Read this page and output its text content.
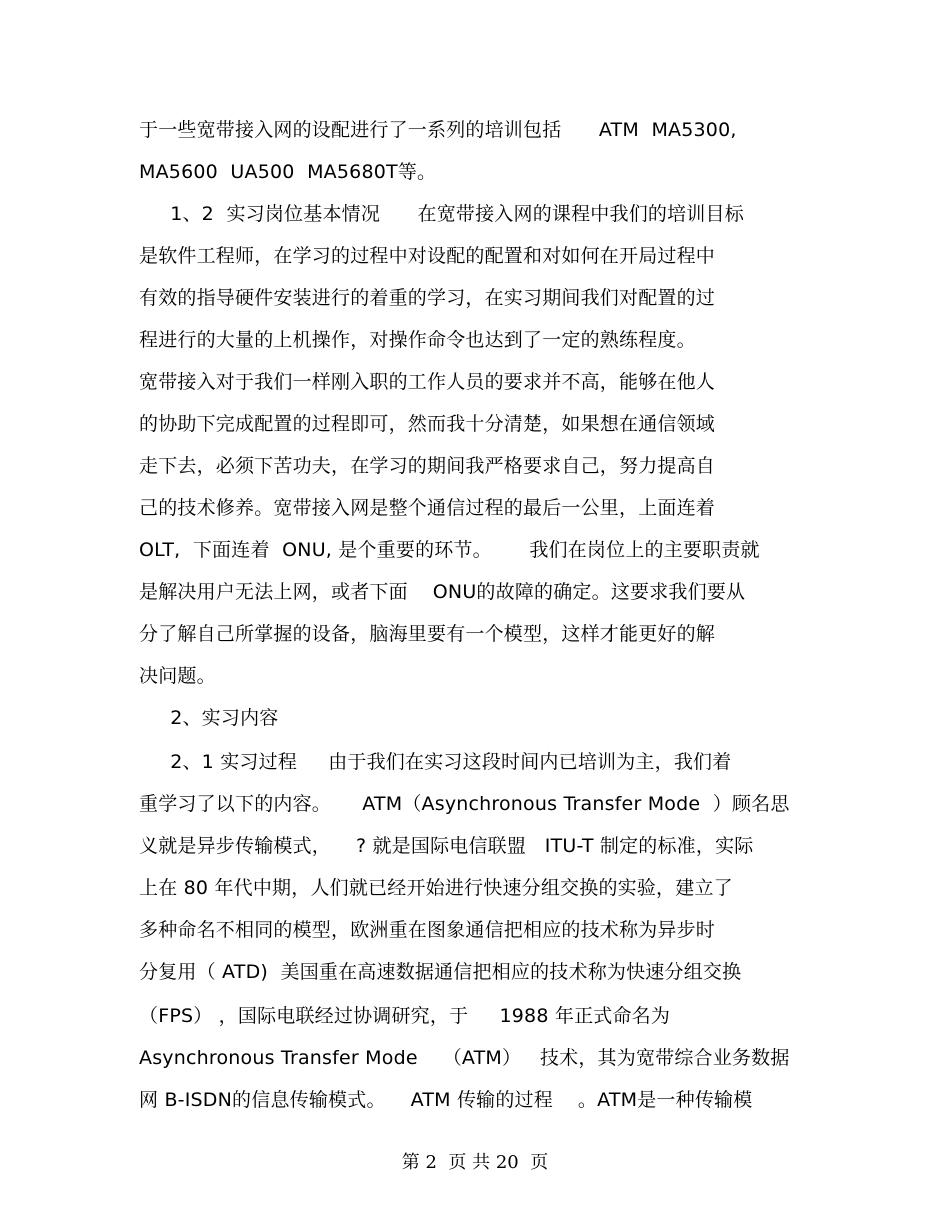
于一些宽带接入网的设配进行了一系列的培训包括      ATM  MA5300,
MA5600  UA500  MA5680T等。
1、2  实习岗位基本情况      在宽带接入网的课程中我们的培训目标
是软件工程师，在学习的过程中对设配的配置和对如何在开局过程中
有效的指导硬件安装进行的着重的学习，在实习期间我们对配置的过
程进行的大量的上机操作，对操作命令也达到了一定的熟练程度。
宽带接入对于我们一样刚入职的工作人员的要求并不高，能够在他人
的协助下完成配置的过程即可，然而我十分清楚，如果想在通信领域
走下去，必须下苦功夫，在学习的期间我严格要求自己，努力提高自
己的技术修养。宽带接入网是整个通信过程的最后一公里，上面连着
OLT,  下面连着  ONU, 是个重要的环节。      我们在岗位上的主要职责就
是解决用户无法上网，或者下面    ONU的故障的确定。这要求我们要从
分了解自己所掌握的设备，脑海里要有一个模型，这样才能更好的解
决问题。
2、实习内容
2、1 实习过程     由于我们在实习这段时间内已培训为主，我们着
重学习了以下的内容。     ATM（Asynchronous Transfer Mode  ）顾名思
义就是异步传输模式，    ? 就是国际电信联盟   ITU-T 制定的标准，实际
上在 80 年代中期，人们就已经开始进行快速分组交换的实验，建立了
多种命名不相同的模型，欧洲重在图象通信把相应的技术称为异步时
分复用（ ATD)  美国重在高速数据通信把相应的技术称为快速分组交换
（FPS） ，国际电联经过协调研究，于     1988 年正式命名为
Asynchronous Transfer Mode    （ATM）   技术，其为宽带综合业务数据
网 B-ISDN的信息传输模式。    ATM 传输的过程    。ATM是一种传输模
第 2  页 共 20  页
